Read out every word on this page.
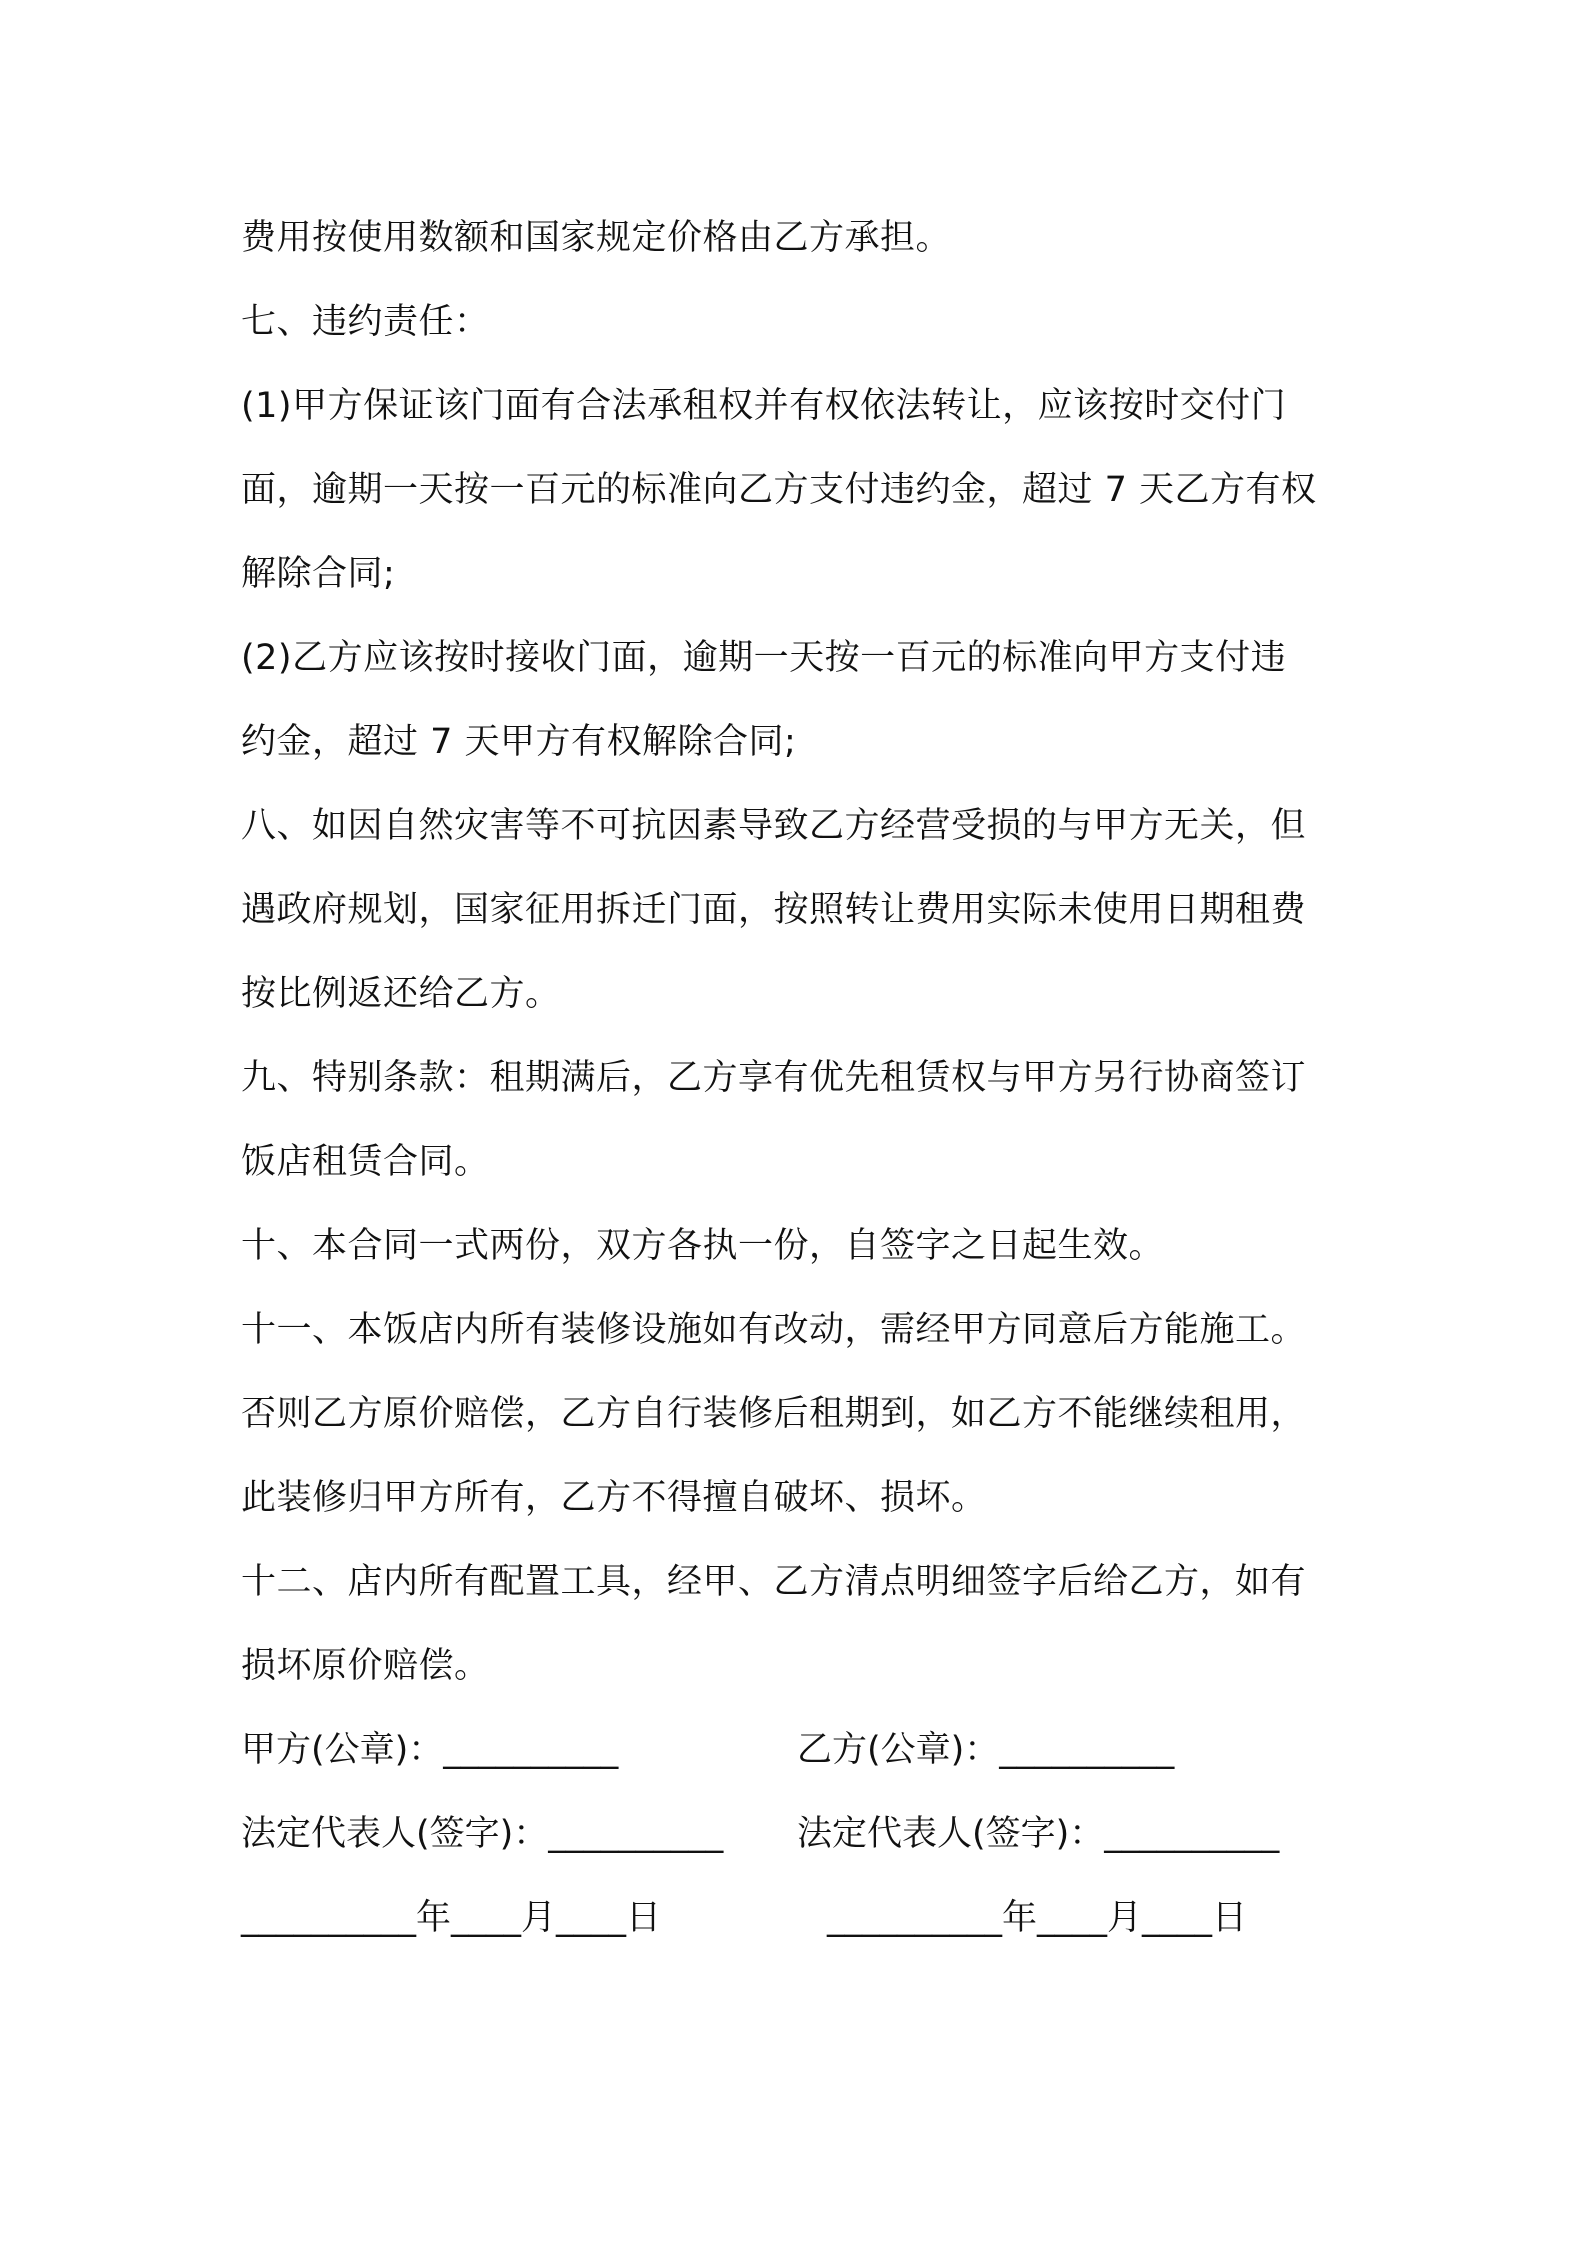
费用按使用数额和国家规定价格由乙方承担。
七、违约责任：
(1)甲方保证该门面有合法承租权并有权依法转让，应该按时交付门
面，逾期一天按一百元的标准向乙方支付违约金，超过 7 天乙方有权
解除合同;
(2)乙方应该按时接收门面，逾期一天按一百元的标准向甲方支付违
约金，超过 7 天甲方有权解除合同;
八、如因自然灾害等不可抗因素导致乙方经营受损的与甲方无关，但
遇政府规划，国家征用拆迁门面，按照转让费用实际未使用日期租费
按比例返还给乙方。
九、特别条款：租期满后，乙方享有优先租赁权与甲方另行协商签订
饭店租赁合同。
十、本合同一式两份，双方各执一份，自签字之日起生效。
十一、本饭店内所有装修设施如有改动，需经甲方同意后方能施工。
否则乙方原价赔偿，乙方自行装修后租期到，如乙方不能继续租用，
此装修归甲方所有，乙方不得擅自破坏、损坏。
十二、店内所有配置工具，经甲、乙方清点明细签字后给乙方，如有
损坏原价赔偿。
甲方(公章)：__________	乙方(公章)：__________
法定代表人(签字)：__________ 法定代表人(签字)：__________
__________年____月____日	__________年____月____日
